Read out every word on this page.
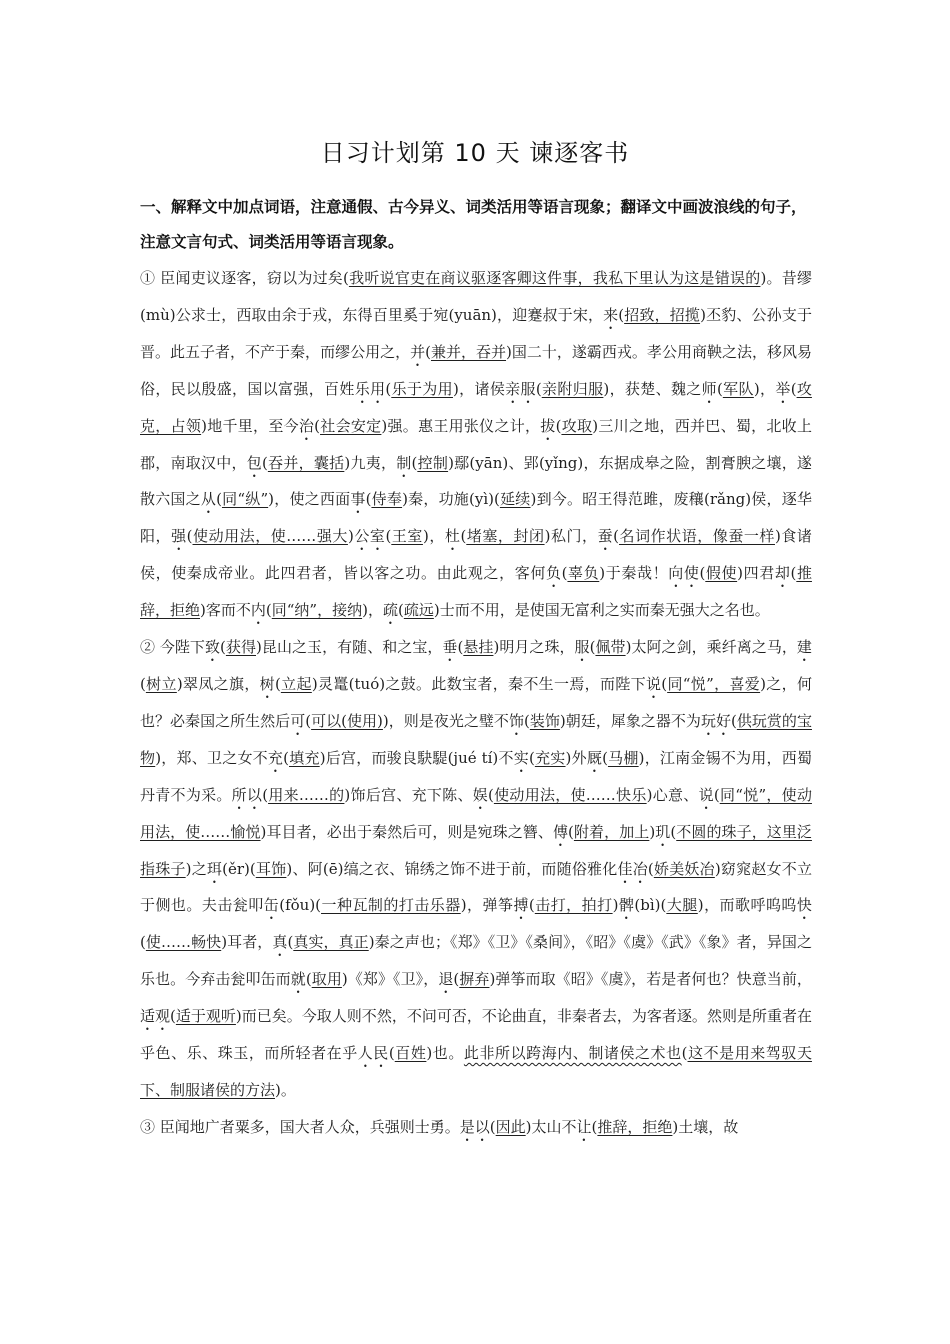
日习计划第 10 天 谏逐客书
一、解释文中加点词语，注意通假、古今异义、词类活用等语言现象；翻译文中画波浪线的句子，注意文言句式、词类活用等语言现象。

① 臣闻吏议逐客，窃以为过矣(我听说官吏在商议驱逐客卿这件事，我私下里认为这是错误的)。昔缪(mù)公求士，西取由余于戎，东得百里奚于宛(yuān)，迎蹇叔于宋，来(招致，招揽)丕豹、公孙支于晋。此五子者，不产于秦，而缪公用之，并(兼并，吞并)国二十，遂霸西戎。孝公用商鞅之法，移风易俗，民以殷盛，国以富强，百姓乐用(乐于为用)，诸侯亲服(亲附归服)，获楚、魏之师(军队)，举(攻克，占领)地千里，至今治(社会安定)强。惠王用张仪之计，拔(攻取)三川之地，西并巴、蜀，北收上郡，南取汉中，包(吞并，囊括)九夷，制(控制)鄢(yān)、郢(yǐng)，东据成皋之险，割膏腴之壤，遂散六国之从(同“纵”)，使之西面事(侍奉)秦，功施(yì)(延续)到今。昭王得范雎，废穰(rǎng)侯，逐华阳，强(使动用法，使……强大)公室(王室)，杜(堵塞，封闭)私门，蚕(名词作状语，像蚕一样)食诸侯，使秦成帝业。此四君者，皆以客之功。由此观之，客何负(辜负)于秦哉！向使(假使)四君却(推辞，拒绝)客而不内(同“纳”，接纳)，疏(疏远)士而不用，是使国无富利之实而秦无强大之名也。

② 今陛下致(获得)昆山之玉，有随、和之宝，垂(悬挂)明月之珠，服(佩带)太阿之剑，乘纤离之马，建(树立)翠凤之旗，树(立起)灵鼍(tuó)之鼓。此数宝者，秦不生一焉，而陛下说(同“悦”，喜爱)之，何也？必秦国之所生然后可(可以(使用))，则是夜光之璧不饰(装饰)朝廷，犀象之器不为玩好(供玩赏的宝物)，郑、卫之女不充(填充)后宫，而骏良駃騠(jué tí)不实(充实)外厩(马棚)，江南金锡不为用，西蜀丹青不为采。所以(用来……的)饰后宫、充下陈、娱(使动用法，使……快乐)心意、说(同“悦”，使动用法，使……愉悦)耳目者，必出于秦然后可，则是宛珠之簪、傅(附着，加上)玑(不圆的珠子，这里泛指珠子)之珥(ěr)(耳饰)、阿(ē)缟之衣、锦绣之饰不进于前，而随俗雅化佳冶(娇美妖冶)窈窕赵女不立于侧也。夫击瓮叩缶(fǒu)(一种瓦制的打击乐器)，弹筝搏(击打，拍打)髀(bì)(大腿)，而歌呼呜呜快(使……畅快)耳者，真(真实，真正)秦之声也；《郑》《卫》《桑间》，《昭》《虞》《武》《象》者，异国之乐也。今弃击瓮叩缶而就(取用)《郑》《卫》，退(摒弃)弹筝而取《昭》《虞》，若是者何也？快意当前，适观(适于观听)而已矣。今取人则不然，不问可否，不论曲直，非秦者去，为客者逐。然则是所重者在乎色、乐、珠玉，而所轻者在乎人民(百姓)也。此非所以跨海内、制诸侯之术也(这不是用来驾驭天下、制服诸侯的方法)。

③ 臣闻地广者粟多，国大者人众，兵强则士勇。是以(因此)太山不让(推辞，拒绝)土壤，故
